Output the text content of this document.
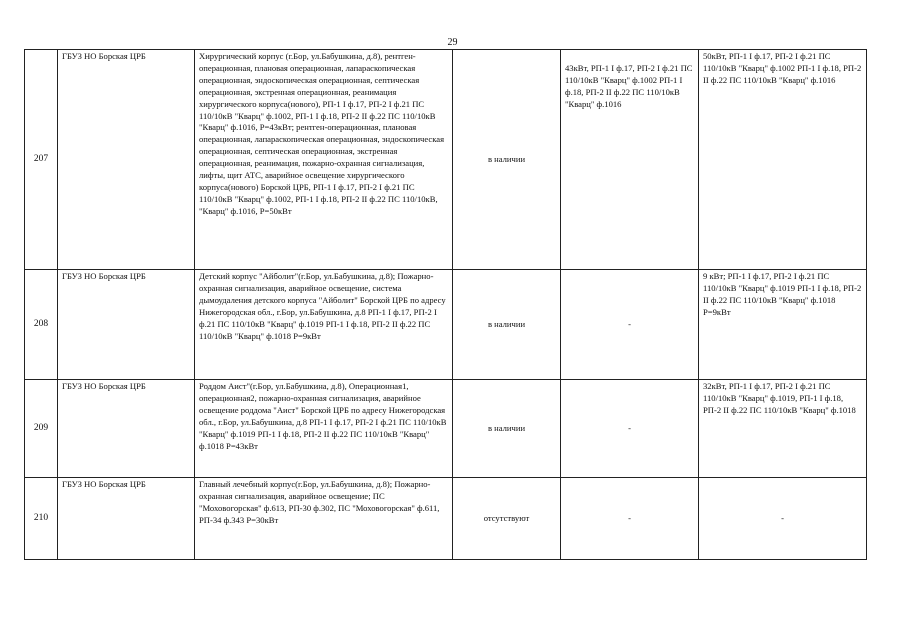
29
207	ГБУЗ НО Борская ЦРБ	Хирургический корпус (г.Бор, ул.Бабушкина, д.8), рентген-операционная, плановая операционная, лапараскопическая операционная, эндоскопическая операционная, септическая операционная, экстренная операционная, реанимация хирургического корпуса(нового), РП-1 I ф.17, РП-2 I ф.21 ПС 110/10кВ "Кварц" ф.1002, РП-1 I ф.18, РП-2 II ф.22 ПС 110/10кВ "Кварц" ф.1016, Р=43кВт; рентген-операционная, плановая операционная, лапараскопическая операционная, эндоскопическая операционная, септическая операционная, экстренная операционная, реанимация, пожарно-охранная сигнализация, лифты, щит АТС, аварийное освещение хирургического корпуса(нового) Борской ЦРБ, РП-1 I ф.17, РП-2 I ф.21 ПС 110/10кВ "Кварц" ф.1002, РП-1 I ф.18, РП-2 II ф.22 ПС 110/10кВ, "Кварц" ф.1016, Р=50кВт	в наличии	43кВт, РП-1 I ф.17, РП-2 I ф.21 ПС 110/10кВ "Кварц" ф.1002 РП-1 I ф.18, РП-2 II ф.22 ПС 110/10кВ "Кварц" ф.1016	50кВт, РП-1 I ф.17, РП-2 I ф.21 ПС 110/10кВ "Кварц" ф.1002 РП-1 I ф.18, РП-2 II ф.22 ПС 110/10кВ "Кварц" ф.1016
208	ГБУЗ НО Борская ЦРБ	Детский корпус "Айболит"(г.Бор, ул.Бабушкина, д.8); Пожарно-охранная сигнализация, аварийное освещение, система дымоудаления детского корпуса "Айболит" Борской ЦРБ по адресу Нижегородская обл., г.Бор, ул.Бабушкина, д.8 РП-1 I ф.17, РП-2 I ф.21 ПС 110/10кВ "Кварц" ф.1019 РП-1 I ф.18, РП-2 II ф.22 ПС 110/10кВ "Кварц" ф.1018 Р=9кВт	в наличии	-	9 кВт; РП-1 I ф.17, РП-2 I ф.21 ПС 110/10кВ "Кварц" ф.1019 РП-1 I ф.18, РП-2 II ф.22 ПС 110/10кВ "Кварц" ф.1018 Р=9кВт
209	ГБУЗ НО Борская ЦРБ	Роддом Аист"(г.Бор, ул.Бабушкина, д.8), Операционная1, операционная2, пожарно-охранная сигнализация, аварийное освещение роддома "Аист" Борской ЦРБ по адресу Нижегородская обл., г.Бор, ул.Бабушкина, д.8 РП-1 I ф.17, РП-2 I ф.21 ПС 110/10кВ "Кварц" ф.1019 РП-1 I ф.18, РП-2 II ф.22 ПС 110/10кВ "Кварц" ф.1018 Р=43кВт	в наличии	-	32кВт, РП-1 I ф.17, РП-2 I ф.21 ПС 110/10кВ "Кварц" ф.1019, РП-1 I ф.18, РП-2 II ф.22 ПС 110/10кВ "Кварц" ф.1018
210	ГБУЗ НО Борская ЦРБ	Главный лечебный корпус(г.Бор, ул.Бабушкина, д.8); Пожарно-охранная сигнализация, аварийное освещение; ПС "Моховогорская" ф.613, РП-30 ф.302, ПС "Моховогорская" ф.611, РП-34 ф.343 Р=30кВт	отсутствуют	-	-
